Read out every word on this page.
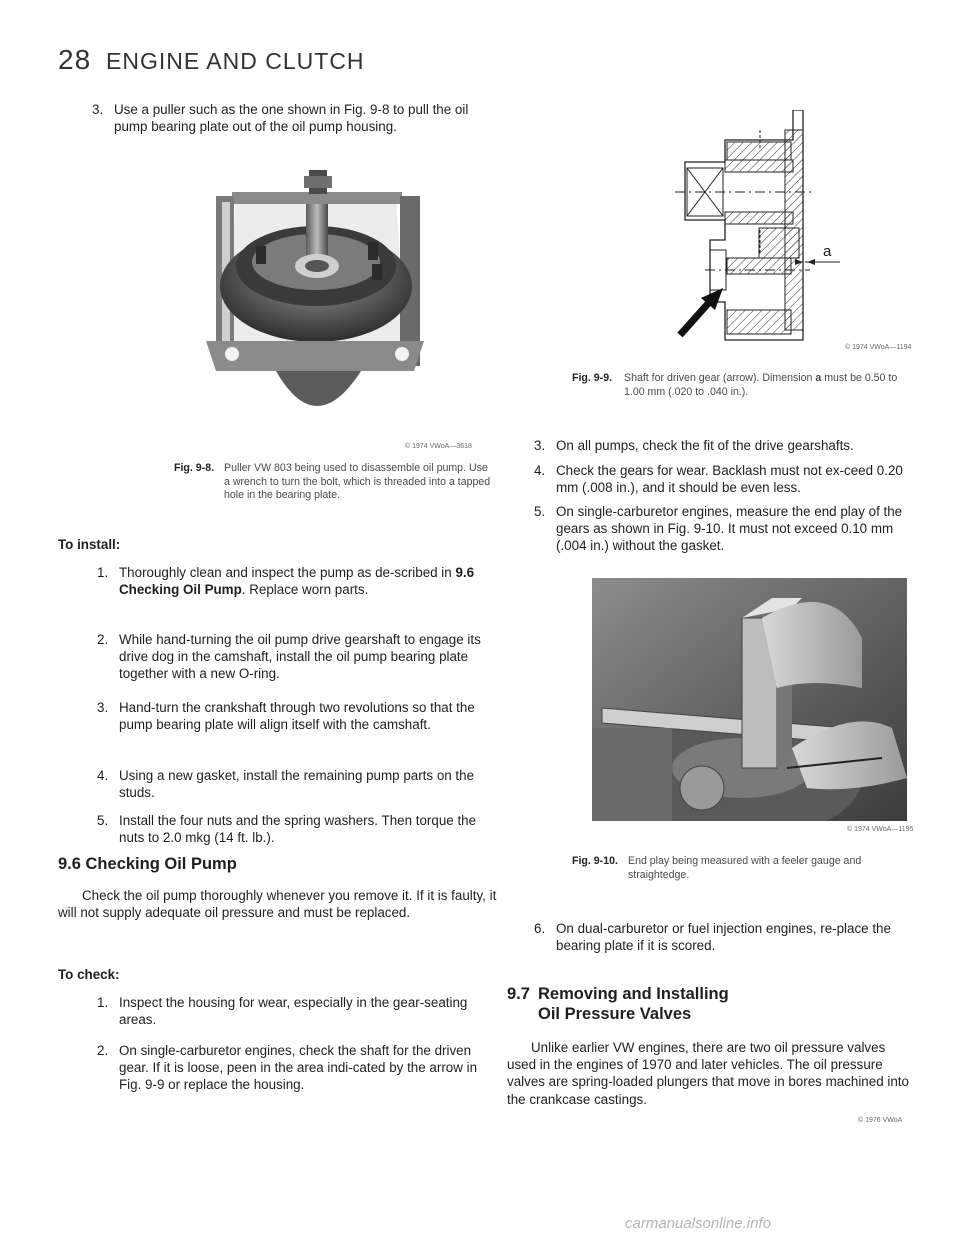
28 ENGINE AND CLUTCH
3. Use a puller such as the one shown in Fig. 9-8 to pull the oil pump bearing plate out of the oil pump housing.
© 1974 VWoA—3618
Fig. 9-8. Puller VW 803 being used to disassemble oil pump. Use a wrench to turn the bolt, which is threaded into a tapped hole in the bearing plate.
To install:
1. Thoroughly clean and inspect the pump as de-scribed in 9.6 Checking Oil Pump. Replace worn parts.
2. While hand-turning the oil pump drive gearshaft to engage its drive dog in the camshaft, install the oil pump bearing plate together with a new O-ring.
3. Hand-turn the crankshaft through two revolutions so that the pump bearing plate will align itself with the camshaft.
4. Using a new gasket, install the remaining pump parts on the studs.
5. Install the four nuts and the spring washers. Then torque the nuts to 2.0 mkg (14 ft. lb.).
9.6 Checking Oil Pump
Check the oil pump thoroughly whenever you remove it. If it is faulty, it will not supply adequate oil pressure and must be replaced.
To check:
1. Inspect the housing for wear, especially in the gear-seating areas.
2. On single-carburetor engines, check the shaft for the driven gear. If it is loose, peen in the area indi-cated by the arrow in Fig. 9-9 or replace the housing.
a
© 1974 VWoA—1194
Fig. 9-9. Shaft for driven gear (arrow). Dimension a must be 0.50 to 1.00 mm (.020 to .040 in.).
3. On all pumps, check the fit of the drive gearshafts.
4. Check the gears for wear. Backlash must not ex-ceed 0.20 mm (.008 in.), and it should be even less.
5. On single-carburetor engines, measure the end play of the gears as shown in Fig. 9-10. It must not exceed 0.10 mm (.004 in.) without the gasket.
© 1974 VWoA—1195
Fig. 9-10. End play being measured with a feeler gauge and straightedge.
6. On dual-carburetor or fuel injection engines, re-place the bearing plate if it is scored.
9.7 Removing and Installing
Oil Pressure Valves
Unlike earlier VW engines, there are two oil pressure valves used in the engines of 1970 and later vehicles. The oil pressure valves are spring-loaded plungers that move in bores machined into the crankcase castings.
© 1976 VWoA
carmanualsonline.info
